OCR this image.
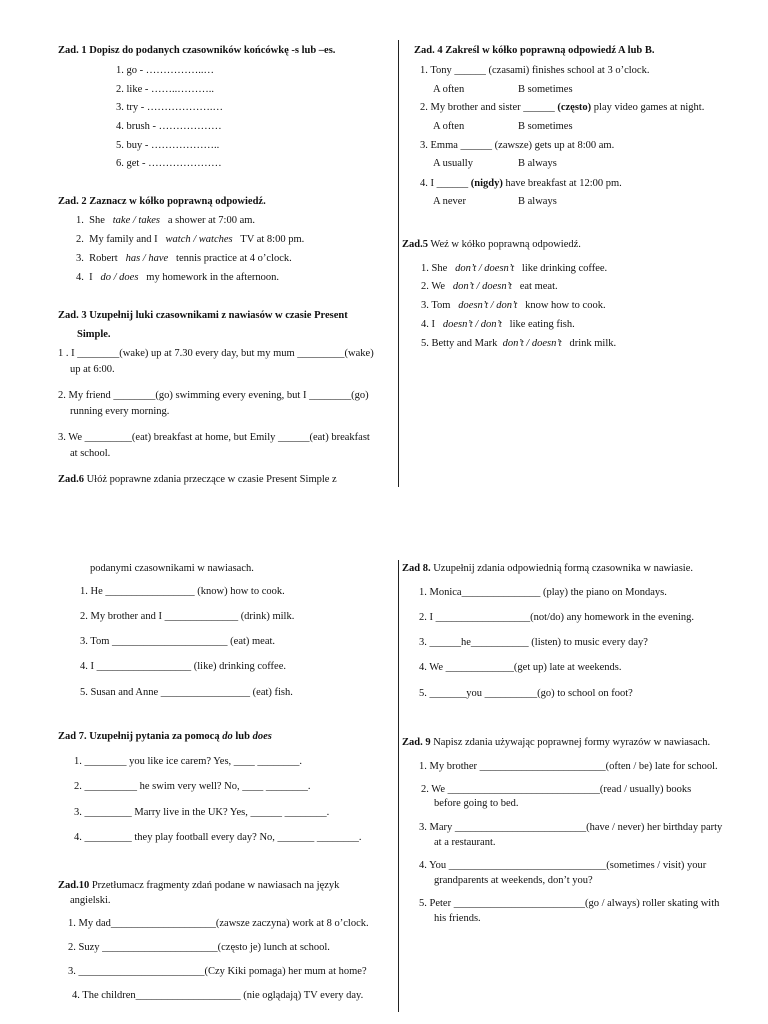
Zad. 1 Dopisz do podanych czasowników końcówkę -s lub –es.
1. go - ……………..…
2. like - ……..………..
3. try - ……………….…
4. brush - ………………
5. buy - ………………..
6. get - …………………
Zad. 2 Zaznacz w kółko poprawną odpowiedź.
1. She take / takes a shower at 7:00 am.
2. My family and I watch / watches TV at 8:00 pm.
3. Robert has / have tennis practice at 4 o’clock.
4. I do / does my homework in the afternoon.
Zad. 3 Uzupełnij luki czasownikami z nawiasów w czasie Present
Simple.
1 . I ________(wake) up at 7.30 every day, but my mum _________(wake)
up at 6:00.
2. My friend ________(go) swimming every evening, but I ________(go)
running every morning.
3. We _________(eat) breakfast at home, but Emily ______(eat) breakfast
at school.
Zad.6 Ułóż poprawne zdania przeczące w czasie Present Simple z
podanymi czasownikami w nawiasach.
1. He _________________ (know) how to cook.
2. My brother and I ______________ (drink) milk.
3. Tom ______________________ (eat) meat.
4. I __________________ (like) drinking coffee.
5. Susan and Anne _________________ (eat) fish.
Zad 7. Uzupełnij pytania za pomocą do lub does
1. ________ you like ice carem? Yes, ____ ________.
2. __________ he swim very well? No, ____ ________.
3. _________ Marry live in the UK? Yes, ______ ________.
4. _________ they play football every day? No, _______ ________.
Zad.10 Przetłumacz fragmenty zdań podane w nawiasach na język
angielski.
1. My dad____________________(zawsze zaczyna) work at 8 o’clock.
2. Suzy ______________________(często je) lunch at school.
3. ________________________(Czy Kiki pomaga) her mum at home?
4. The children____________________ (nie oglądają) TV every day.
Zad. 4 Zakreśl w kółko poprawną odpowiedź A lub B.
1. Tony ______ (czasami) finishes school at 3 o’clock.
A often	B sometimes
2. My brother and sister ______ (często) play video games at night.
A often	B sometimes
3. Emma ______ (zawsze) gets up at 8:00 am.
A usually	B always
4. I ______ (nigdy) have breakfast at 12:00 pm.
A never	B always
Zad.5 Weź w kółko poprawną odpowiedź.
1. She don’t / doesn’t like drinking coffee.
2. We don’t / doesn’t eat meat.
3. Tom doesn’t / don’t know how to cook.
4. I doesn’t / don’t like eating fish.
5. Betty and Mark don’t / doesn’t drink milk.
Zad 8. Uzupełnij zdania odpowiednią formą czasownika w nawiasie.
1. Monica_______________ (play) the piano on Mondays.
2. I __________________(not/do) any homework in the evening.
3. ______he___________ (listen) to music every day?
4. We _____________(get up) late at weekends.
5. _______you __________(go) to school on foot?
Zad. 9 Napisz zdania używając poprawnej formy wyrazów w nawiasach.
1. My brother ________________________(often / be) late for school.
2. We _____________________________(read / usually) books
before going to bed.
3. Mary _________________________(have / never) her birthday party
at a restaurant.
4. You ______________________________(sometimes / visit) your
grandparents at weekends, don’t you?
5. Peter _________________________(go / always) roller skating with
his friends.
